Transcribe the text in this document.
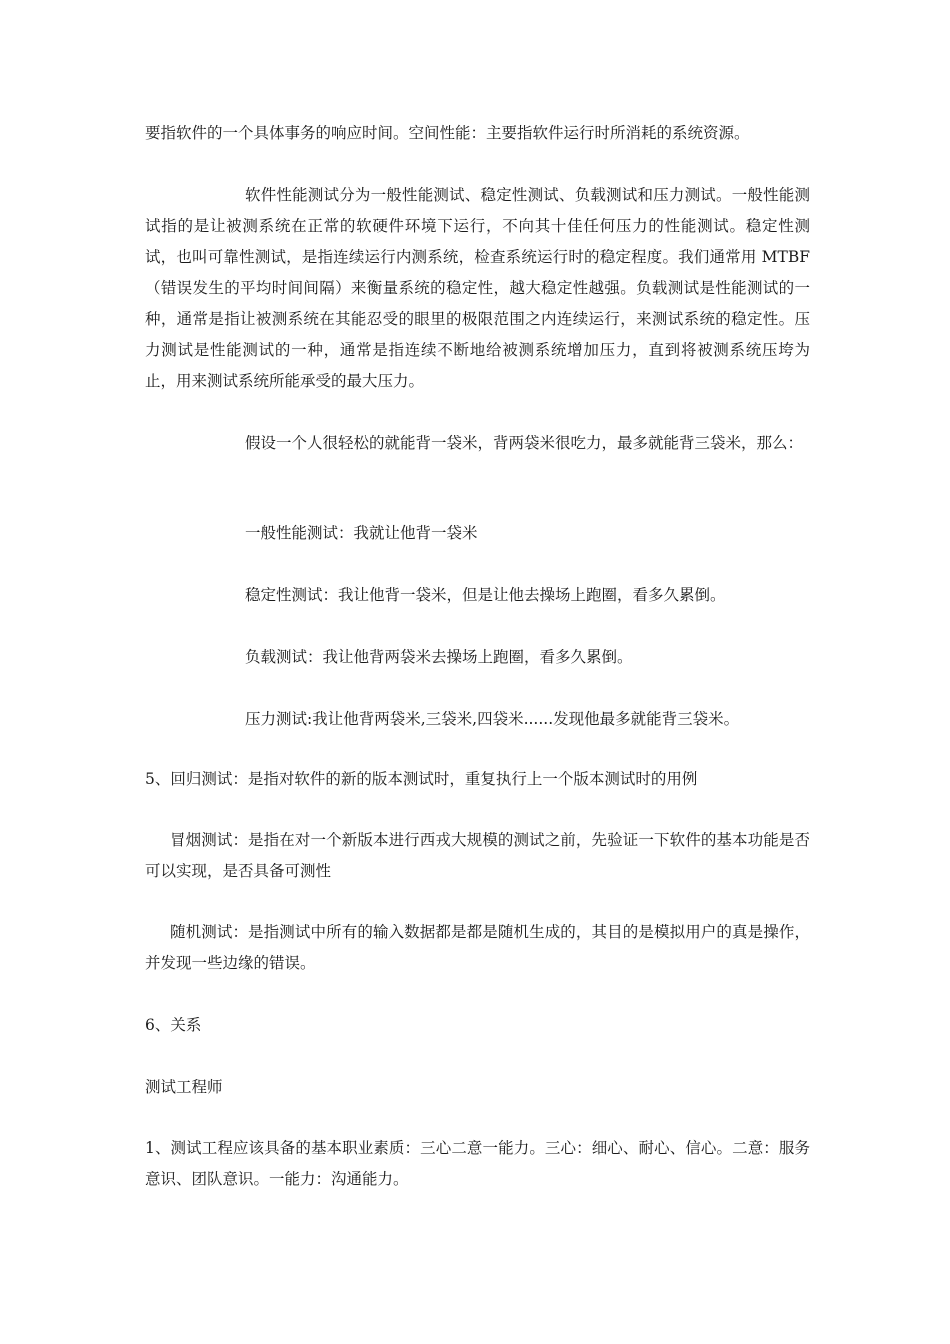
要指软件的一个具体事务的响应时间。空间性能：主要指软件运行时所消耗的系统资源。

软件性能测试分为一般性能测试、稳定性测试、负载测试和压力测试。一般性能测试指的是让被测系统在正常的软硬件环境下运行，不向其十佳任何压力的性能测试。稳定性测试，也叫可靠性测试，是指连续运行内测系统，检查系统运行时的稳定程度。我们通常用 MTBF（错误发生的平均时间间隔）来衡量系统的稳定性，越大稳定性越强。负载测试是性能测试的一种，通常是指让被测系统在其能忍受的眼里的极限范围之内连续运行，来测试系统的稳定性。压力测试是性能测试的一种，通常是指连续不断地给被测系统增加压力，直到将被测系统压垮为止，用来测试系统所能承受的最大压力。

假设一个人很轻松的就能背一袋米，背两袋米很吃力，最多就能背三袋米，那么：

一般性能测试：我就让他背一袋米

稳定性测试：我让他背一袋米，但是让他去操场上跑圈，看多久累倒。

负载测试：我让他背两袋米去操场上跑圈，看多久累倒。

压力测试:我让他背两袋米,三袋米,四袋米......发现他最多就能背三袋米。

5、回归测试：是指对软件的新的版本测试时，重复执行上一个版本测试时的用例

冒烟测试：是指在对一个新版本进行西戎大规模的测试之前，先验证一下软件的基本功能是否可以实现，是否具备可测性

随机测试：是指测试中所有的输入数据都是都是随机生成的，其目的是模拟用户的真是操作，并发现一些边缘的错误。

6、关系

测试工程师

1、测试工程应该具备的基本职业素质：三心二意一能力。三心：细心、耐心、信心。二意：服务意识、团队意识。一能力：沟通能力。
